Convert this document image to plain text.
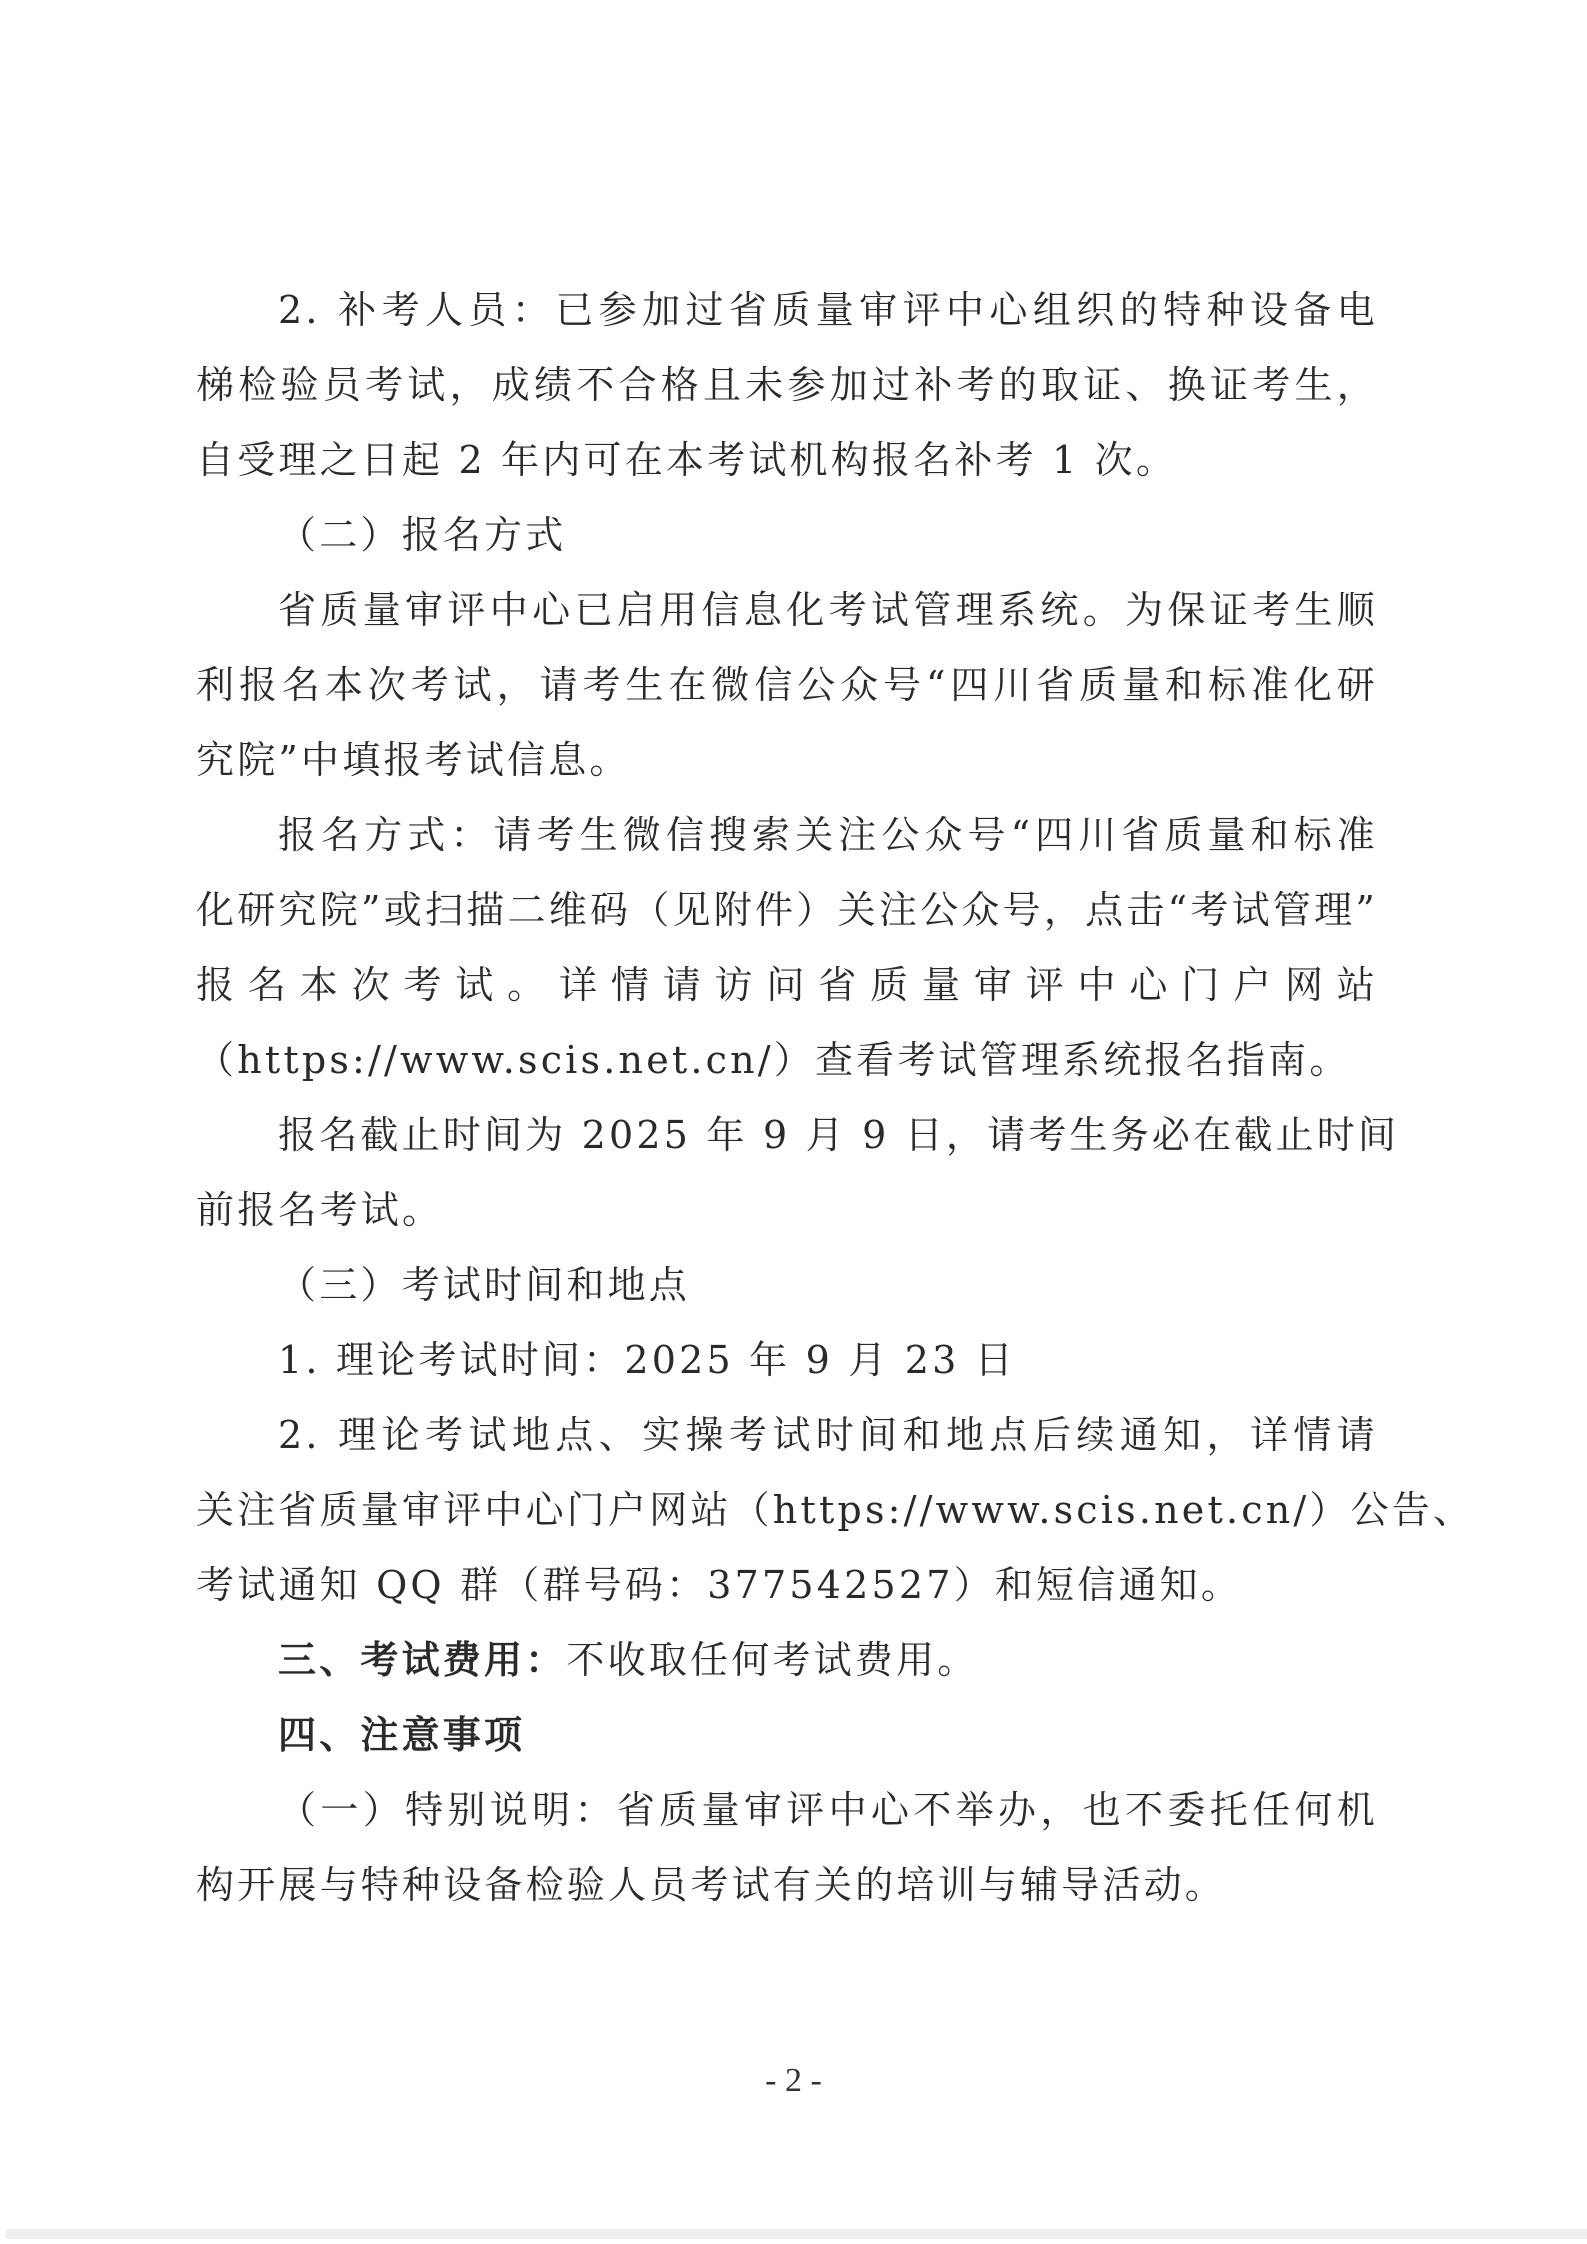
2. 补考人员：已参加过省质量审评中心组织的特种设备电
梯检验员考试，成绩不合格且未参加过补考的取证、换证考生，
自受理之日起 2 年内可在本考试机构报名补考 1 次。
（二）报名方式
省质量审评中心已启用信息化考试管理系统。为保证考生顺
利报名本次考试，请考生在微信公众号“四川省质量和标准化研
究院”中填报考试信息。
报名方式：请考生微信搜索关注公众号“四川省质量和标准
化研究院”或扫描二维码（见附件）关注公众号，点击“考试管理”
报名本次考试。详情请访问省质量审评中心门户网站
（https://www.scis.net.cn/）查看考试管理系统报名指南。
报名截止时间为 2025 年 9 月 9 日，请考生务必在截止时间
前报名考试。
（三）考试时间和地点
1. 理论考试时间：2025 年 9 月 23 日
2. 理论考试地点、实操考试时间和地点后续通知，详情请
关注省质量审评中心门户网站（https://www.scis.net.cn/）公告、
考试通知 QQ 群（群号码：377542527）和短信通知。
三、考试费用：不收取任何考试费用。
四、注意事项
（一）特别说明：省质量审评中心不举办，也不委托任何机
构开展与特种设备检验人员考试有关的培训与辅导活动。
- 2 -
